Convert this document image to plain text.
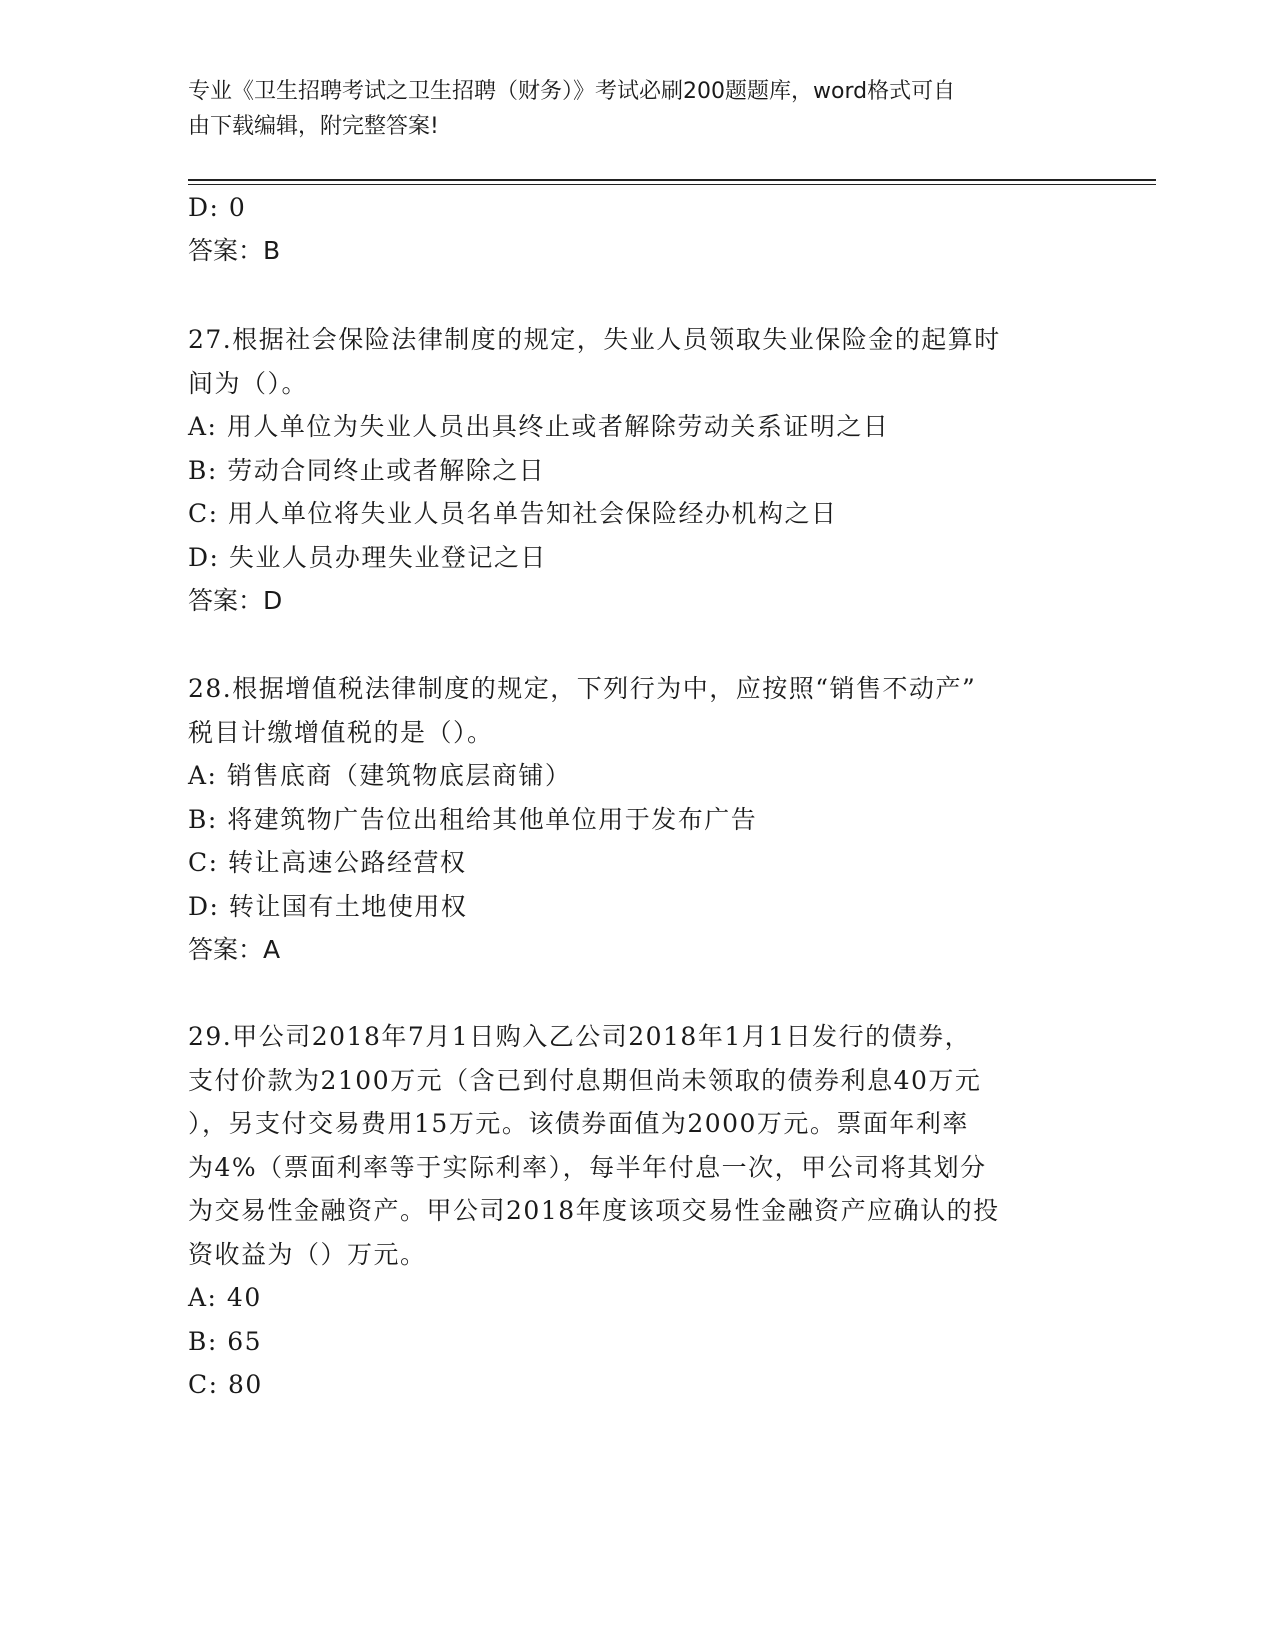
专业《卫生招聘考试之卫生招聘（财务）》考试必刷200题题库，word格式可自
由下载编辑，附完整答案!
D: 0
答案：B
27.根据社会保险法律制度的规定，失业人员领取失业保险金的起算时
间为（）。
A: 用人单位为失业人员出具终止或者解除劳动关系证明之日
B: 劳动合同终止或者解除之日
C: 用人单位将失业人员名单告知社会保险经办机构之日
D: 失业人员办理失业登记之日
答案：D
28.根据增值税法律制度的规定，下列行为中，应按照“销售不动产”
税目计缴增值税的是（）。
A: 销售底商（建筑物底层商铺）
B: 将建筑物广告位出租给其他单位用于发布广告
C: 转让高速公路经营权
D: 转让国有土地使用权
答案：A
29.甲公司2018年7月1日购入乙公司2018年1月1日发行的债券，
支付价款为2100万元（含已到付息期但尚未领取的债券利息40万元
），另支付交易费用15万元。该债券面值为2000万元。票面年利率
为4%（票面利率等于实际利率），每半年付息一次，甲公司将其划分
为交易性金融资产。甲公司2018年度该项交易性金融资产应确认的投
资收益为（）万元。
A: 40
B: 65
C: 80
